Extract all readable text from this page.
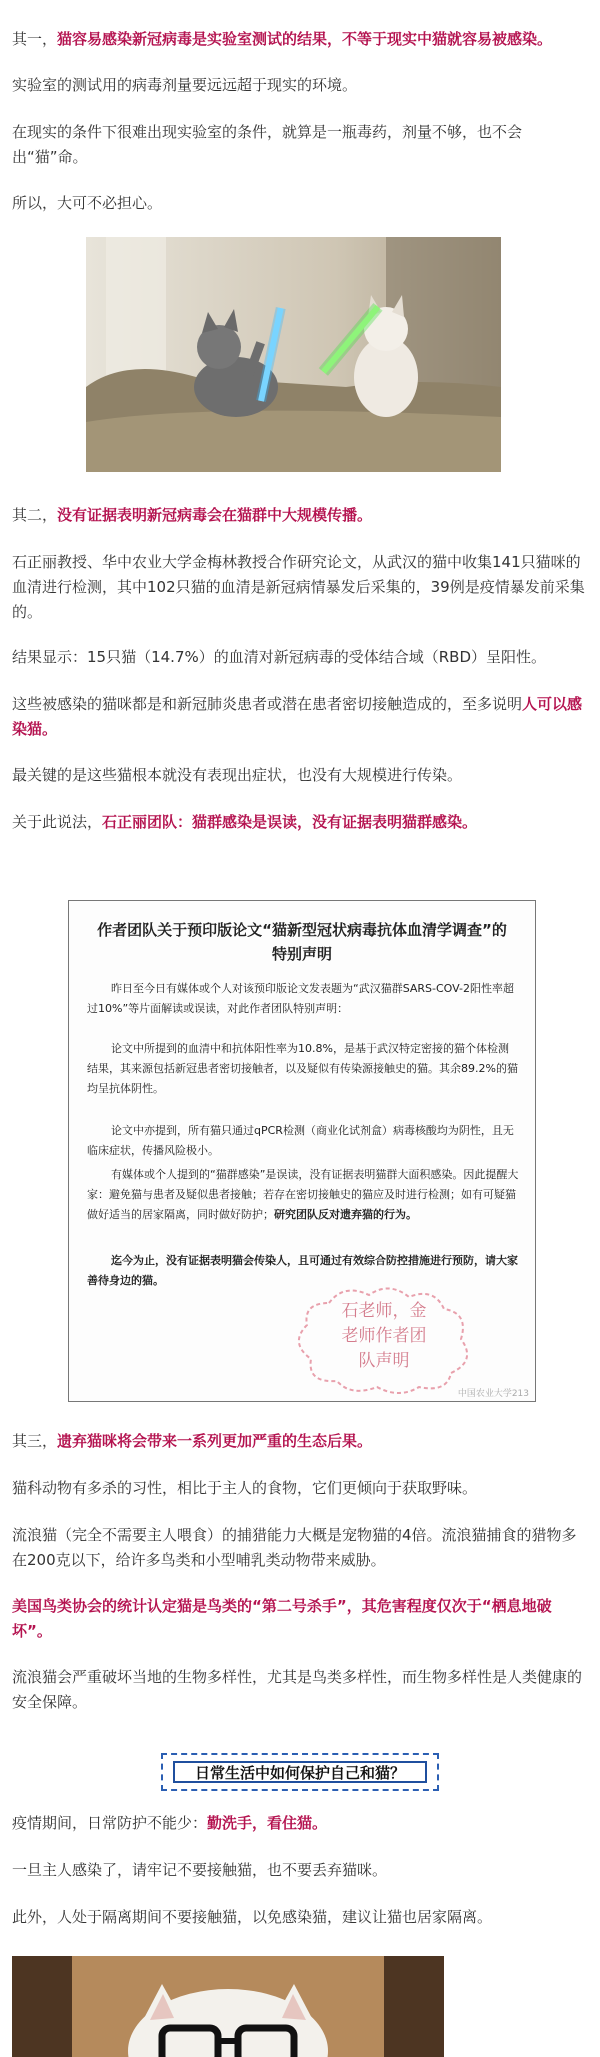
其一，猫容易感染新冠病毒是实验室测试的结果，不等于现实中猫就容易被感染。

实验室的测试用的病毒剂量要远远超于现实的环境。

在现实的条件下很难出现实验室的条件，就算是一瓶毒药，剂量不够，也不会出“猫”命。

所以，大可不必担心。

其二，没有证据表明新冠病毒会在猫群中大规模传播。

石正丽教授、华中农业大学金梅林教授合作研究论文，从武汉的猫中收集141只猫咪的血清进行检测，其中102只猫的血清是新冠病情暴发后采集的，39例是疫情暴发前采集的。

结果显示：15只猫（14.7%）的血清对新冠病毒的受体结合域（RBD）呈阳性。

这些被感染的猫咪都是和新冠肺炎患者或潜在患者密切接触造成的，至多说明人可以感染猫。

最关键的是这些猫根本就没有表现出症状，也没有大规模进行传染。

关于此说法，石正丽团队：猫群感染是误读，没有证据表明猫群感染。

作者团队关于预印版论文“猫新型冠状病毒抗体血清学调查”的
特别声明

昨日至今日有媒体或个人对该预印版论文发表题为“武汉猫群SARS-COV-2阳性率超过10%”等片面解读或误读，对此作者团队特别声明：

论文中所提到的血清中和抗体阳性率为10.8%，是基于武汉特定密接的猫个体检测结果，其来源包括新冠患者密切接触者，以及疑似有传染源接触史的猫。其余89.2%的猫均呈抗体阴性。

论文中亦提到，所有猫只通过qPCR检测（商业化试剂盒）病毒核酸均为阴性，且无临床症状，传播风险极小。

有媒体或个人提到的“猫群感染”是误读，没有证据表明猫群大面积感染。因此提醒大家：避免猫与患者及疑似患者接触；若存在密切接触史的猫应及时进行检测；如有可疑猫做好适当的居家隔离，同时做好防护；研究团队反对遗弃猫的行为。

迄今为止，没有证据表明猫会传染人，且可通过有效综合防控措施进行预防，请大家善待身边的猫。

石老师，金
老师作者团
队声明
中国农业大学213

其三，遗弃猫咪将会带来一系列更加严重的生态后果。

猫科动物有多杀的习性，相比于主人的食物，它们更倾向于获取野味。

流浪猫（完全不需要主人喂食）的捕猎能力大概是宠物猫的4倍。流浪猫捕食的猎物多在200克以下，给许多鸟类和小型哺乳类动物带来威胁。

美国鸟类协会的统计认定猫是鸟类的“第二号杀手”，其危害程度仅次于“栖息地破坏”。

流浪猫会严重破坏当地的生物多样性，尤其是鸟类多样性，而生物多样性是人类健康的安全保障。

日常生活中如何保护自己和猫？

疫情期间，日常防护不能少：勤洗手，看住猫。

一旦主人感染了，请牢记不要接触猫，也不要丢弃猫咪。

此外，人处于隔离期间不要接触猫，以免感染猫，建议让猫也居家隔离。
